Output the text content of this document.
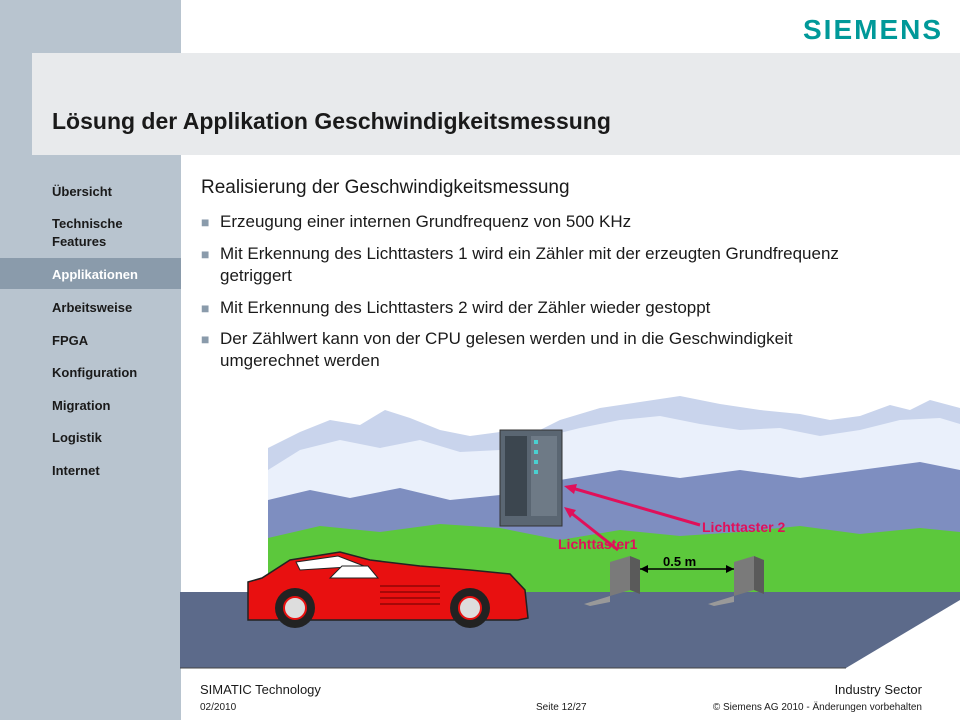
Übersicht
Technische
Features
Applikationen
Arbeitsweise
FPGA
Konfiguration
Migration
Logistik
Internet
Lösung der Applikation Geschwindigkeitsmessung
SIEMENS
Realisierung der Geschwindigkeitsmessung
■ Erzeugung einer internen Grundfrequenz von 500 KHz
■ Mit Erkennung des Lichttasters 1 wird ein Zähler mit der erzeugten Grundfrequenz getriggert
■ Mit Erkennung des Lichttasters 2 wird der Zähler wieder gestoppt
■ Der Zählwert kann von der CPU gelesen werden und in die Geschwindigkeit umgerechnet werden
Lichttaster 2
Lichttaster1
0.5 m
SIMATIC Technology	Industry Sector
02/2010	Seite 12/27	© Siemens AG 2010 - Änderungen vorbehalten
